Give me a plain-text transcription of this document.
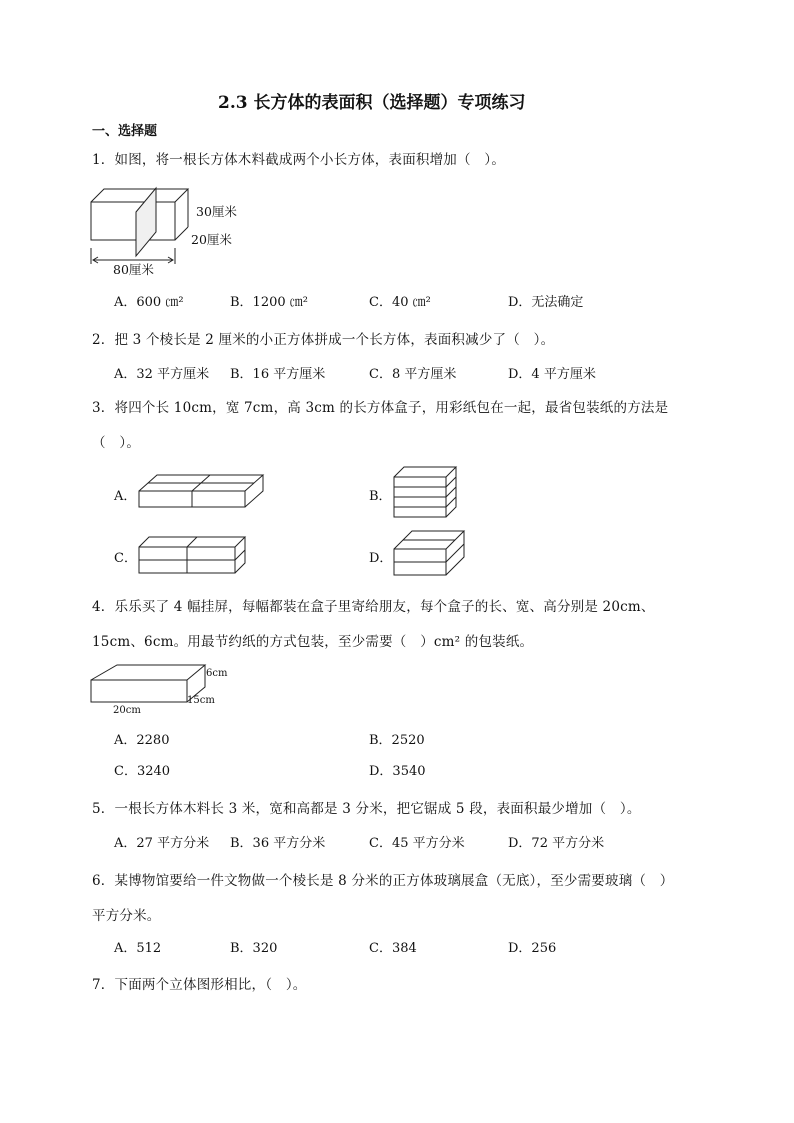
2.3 长方体的表面积（选择题）专项练习
一、选择题
1．如图，将一根长方体木料截成两个小长方体，表面积增加（　）。
30厘米
20厘米
80厘米
A．600 ㎝²	B．1200 ㎝²	C．40 ㎝²	D．无法确定
2．把 3 个棱长是 2 厘米的小正方体拼成一个长方体，表面积减少了（　）。
A．32 平方厘米 B．16 平方厘米	C．8 平方厘米	D．4 平方厘米
3．将四个长 10cm，宽 7cm，高 3cm 的长方体盒子，用彩纸包在一起，最省包装纸的方法是
（　）。
A．	B．
C．	D．
4．乐乐买了 4 幅挂屏，每幅都装在盒子里寄给朋友，每个盒子的长、宽、高分别是 20cm、
15cm、6cm。用最节约纸的方式包装，至少需要（　）cm² 的包装纸。
6cm
15cm
20cm
A．2280	B．2520
C．3240	D．3540
5．一根长方体木料长 3 米，宽和高都是 3 分米，把它锯成 5 段，表面积最少增加（　）。
A．27 平方分米 B．36 平方分米	C．45 平方分米	D．72 平方分米
6．某博物馆要给一件文物做一个棱长是 8 分米的正方体玻璃展盒（无底），至少需要玻璃（　）
平方分米。
A．512	B．320	C．384	D．256
7．下面两个立体图形相比，（　）。
